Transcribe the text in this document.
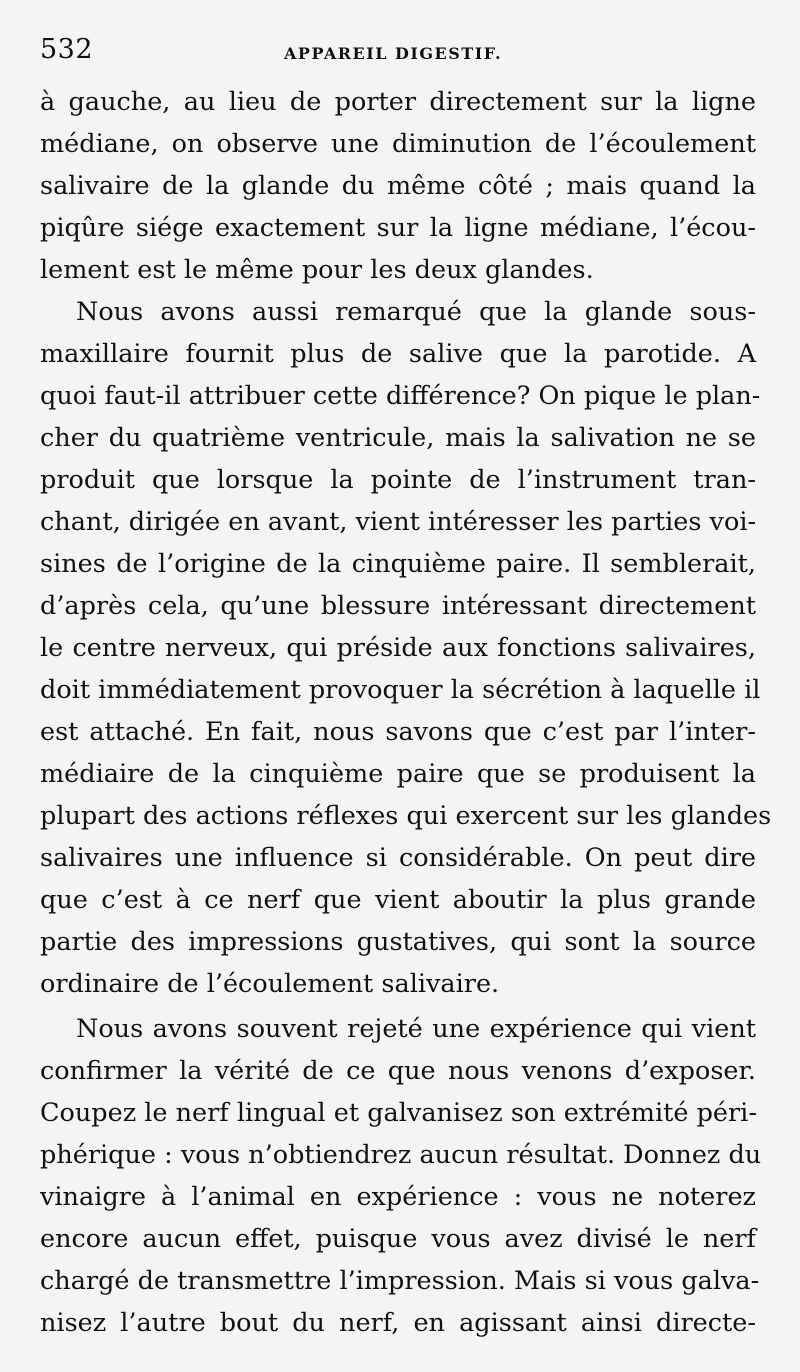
532	APPAREIL DIGESTIF.
à gauche, au lieu de porter directement sur la ligne
médiane, on observe une diminution de l’écoulement
salivaire de la glande du même côté ; mais quand la
piqûre siége exactement sur la ligne médiane, l’écou-
lement est le même pour les deux glandes.
Nous avons aussi remarqué que la glande sous-
maxillaire fournit plus de salive que la parotide. A
quoi faut-il attribuer cette différence? On pique le plan-
cher du quatrième ventricule, mais la salivation ne se
produit que lorsque la pointe de l’instrument tran-
chant, dirigée en avant, vient intéresser les parties voi-
sines de l’origine de la cinquième paire. Il semblerait,
d’après cela, qu’une blessure intéressant directement
le centre nerveux, qui préside aux fonctions salivaires,
doit immédiatement provoquer la sécrétion à laquelle il
est attaché. En fait, nous savons que c’est par l’inter-
médiaire de la cinquième paire que se produisent la
plupart des actions réflexes qui exercent sur les glandes
salivaires une influence si considérable. On peut dire
que c’est à ce nerf que vient aboutir la plus grande
partie des impressions gustatives, qui sont la source
ordinaire de l’écoulement salivaire.
Nous avons souvent rejeté une expérience qui vient
confirmer la vérité de ce que nous venons d’exposer.
Coupez le nerf lingual et galvanisez son extrémité péri-
phérique : vous n’obtiendrez aucun résultat. Donnez du
vinaigre à l’animal en expérience : vous ne noterez
encore aucun effet, puisque vous avez divisé le nerf
chargé de transmettre l’impression. Mais si vous galva-
nisez l’autre bout du nerf, en agissant ainsi directe-
